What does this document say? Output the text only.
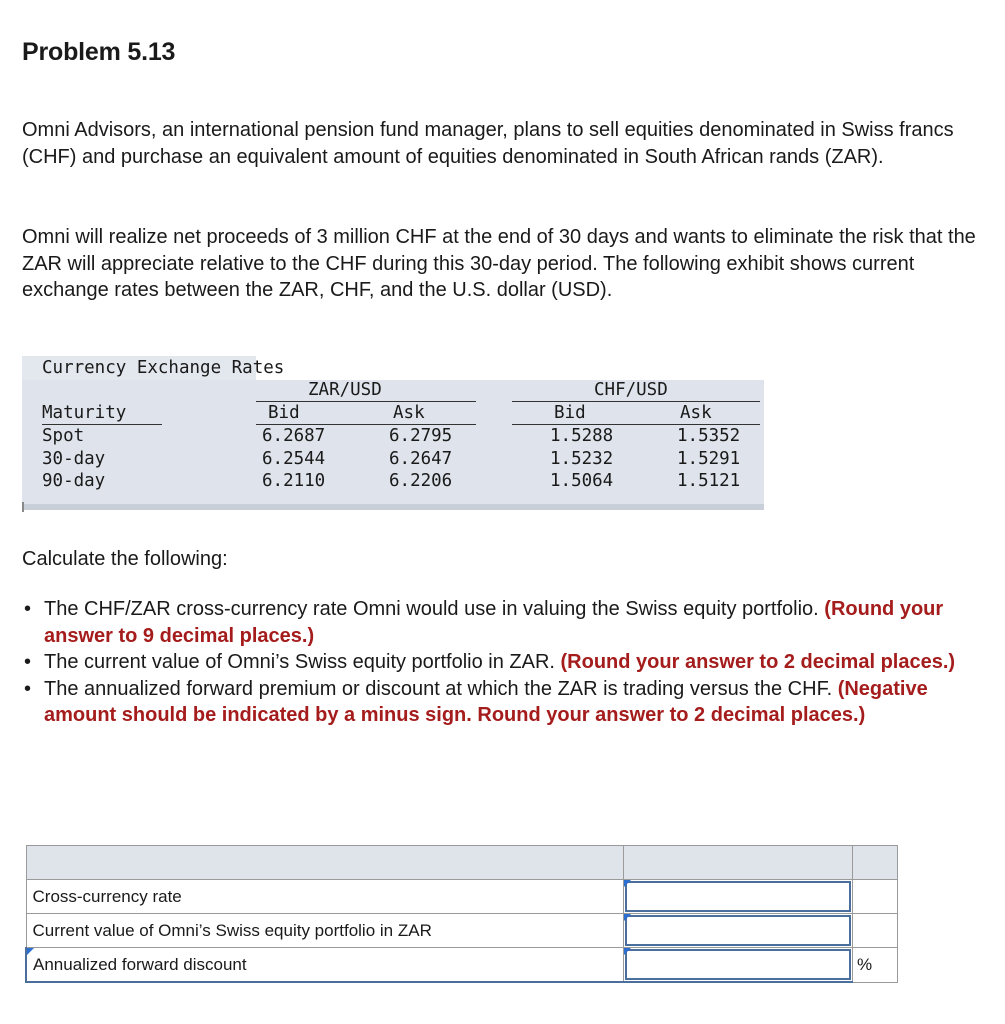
Problem 5.13

Omni Advisors, an international pension fund manager, plans to sell equities denominated in Swiss francs (CHF) and purchase an equivalent amount of equities denominated in South African rands (ZAR).

Omni will realize net proceeds of 3 million CHF at the end of 30 days and wants to eliminate the risk that the ZAR will appreciate relative to the CHF during this 30-day period. The following exhibit shows current exchange rates between the ZAR, CHF, and the U.S. dollar (USD).

Currency Exchange Rates
ZAR/USD	CHF/USD
Maturity	Bid	Ask	Bid	Ask
Spot	6.2687	6.2795	1.5288	1.5352
30-day	6.2544	6.2647	1.5232	1.5291
90-day	6.2110	6.2206	1.5064	1.5121

Calculate the following:

• The CHF/ZAR cross-currency rate Omni would use in valuing the Swiss equity portfolio. (Round your answer to 9 decimal places.)
• The current value of Omni’s Swiss equity portfolio in ZAR. (Round your answer to 2 decimal places.)
• The annualized forward premium or discount at which the ZAR is trading versus the CHF. (Negative amount should be indicated by a minus sign. Round your answer to 2 decimal places.)

Cross-currency rate	

Current value of Omni’s Swiss equity portfolio in ZAR	

Annualized forward discount		%
